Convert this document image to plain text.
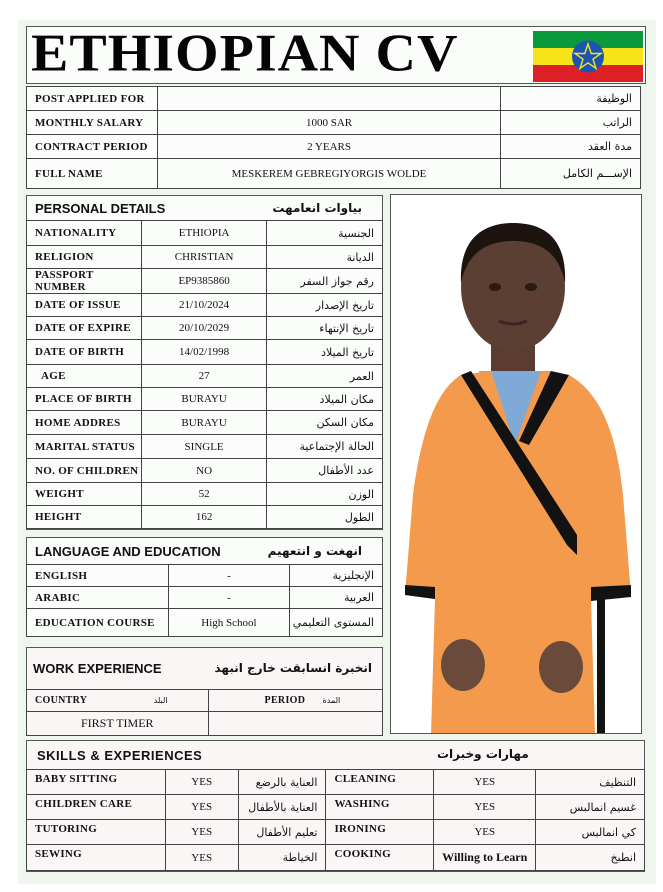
ETHIOPIAN CV
POST APPLIED FOR		الوظيفة
MONTHLY SALARY	1000 SAR	الراتب
CONTRACT PERIOD	2 YEARS	مدة العقد
FULL NAME	MESKEREM GEBREGIYORGIS WOLDE	الإســـم الكامل
PERSONAL DETAILS	بياوات انعامهت
NATIONALITY	ETHIOPIA	الجنسية
RELIGION	CHRISTIAN	الديانة
PASSPORT NUMBER	EP9385860	رقم جواز السفر
DATE OF ISSUE	21/10/2024	تاريخ الإصدار
DATE OF EXPIRE	20/10/2029	تاريخ الإنتهاء
DATE OF BIRTH	14/02/1998	تاريخ الميلاد
AGE	27	العمر
PLACE OF BIRTH	BURAYU	مكان الميلاد
HOME ADDRES	BURAYU	مكان السكن
MARITAL STATUS	SINGLE	الحالة الإجتماعية
NO. OF CHILDREN	NO	عدد الأطفال
WEIGHT	52	الوزن
HEIGHT	162	الطول
LANGUAGE AND EDUCATION	انهغت و انتعهيم
ENGLISH	-	الإنجليزية
ARABIC	-	العربية
EDUCATION COURSE	High School	المستوى التعليمي
WORK EXPERIENCE	انخبرة انسابقت خارج انبهذ
COUNTRY البلد	PERIOD المدة

FIRST TIMER	
SKILLS & EXPERIENCES	مهارات وخبرات
BABY SITTING	YES	العناية بالرضع	CLEANING	YES	التنظيف
CHILDREN CARE	YES	العناية بالأطفال	WASHING	YES	غسيم انمالبس
TUTORING	YES	تعليم الأطفال	IRONING	YES	كي انمالبس
SEWING	YES	الخياطة	COOKING	Willing to Learn	انطبخ
